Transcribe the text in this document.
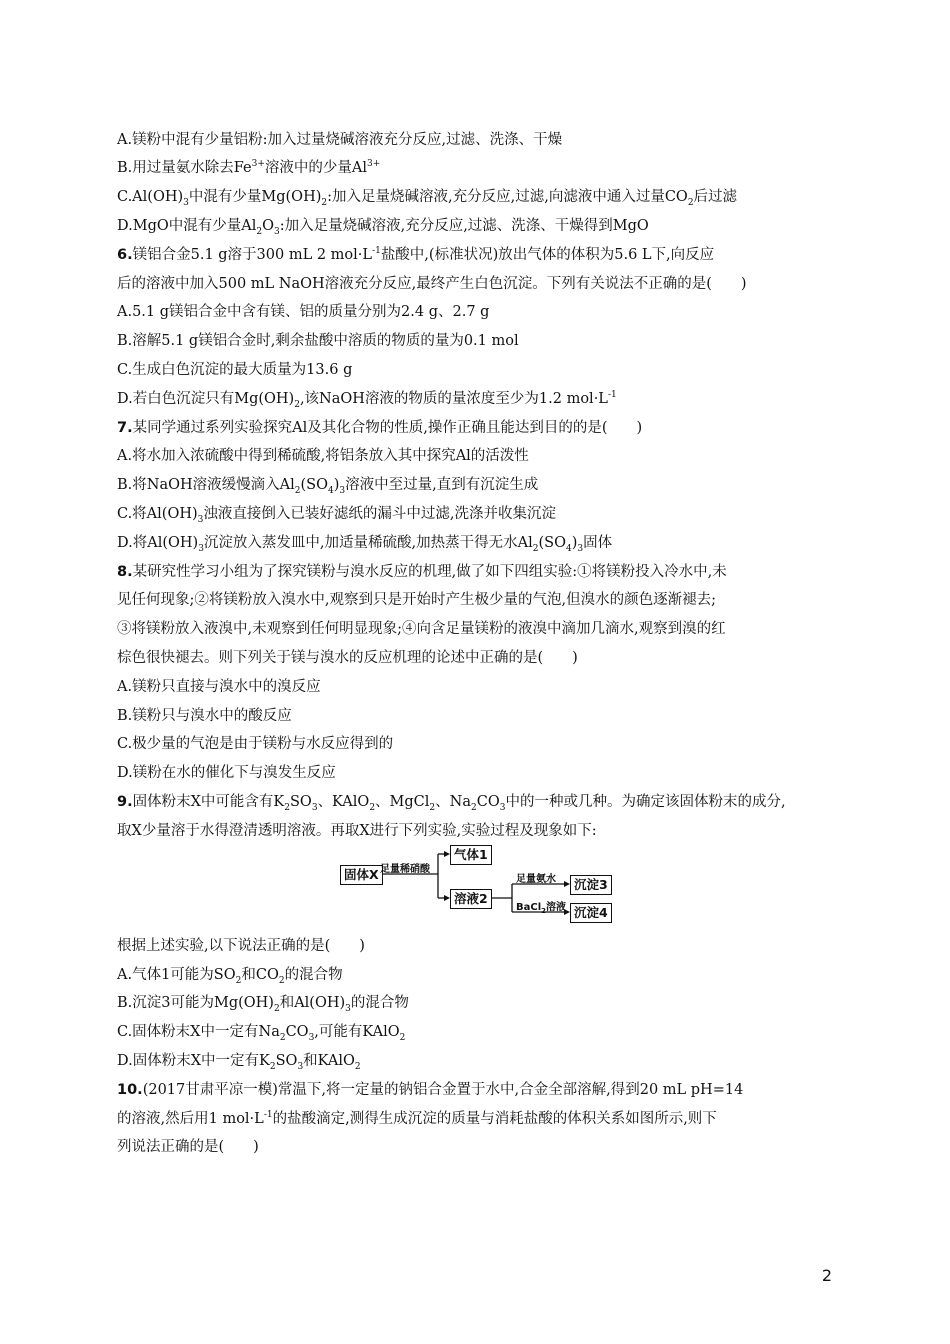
A.镁粉中混有少量铝粉:加入过量烧碱溶液充分反应,过滤、洗涤、干燥
B.用过量氨水除去$Fe^{3+}$溶液中的少量$Al^{3+}$
$C.Al(OH)_3$中混有少量$Mg(OH)_2$:加入足量烧碱溶液,充分反应,过滤,向滤液中通入过量$CO_2$后过滤
D.MgO中混有少量$Al_2O_3$:加入足量烧碱溶液,充分反应,过滤、洗涤、干燥得到MgO
6.镁铝合金5.1 g溶于300 mL 2 $mol\cdot L^{-1}$盐酸中,(标准状况)放出气体的体积为5.6 L下,向反应
后的溶液中加入500 mL NaOH溶液充分反应,最终产生白色沉淀。下列有关说法不正确的是(　　)
A.5.1 g镁铝合金中含有镁、铝的质量分别为2.4 g、2.7 g
B.溶解5.1 g镁铝合金时,剩余盐酸中溶质的物质的量为0.1 mol
C.生成白色沉淀的最大质量为13.6 g
D.若白色沉淀只有$Mg(OH)_2$,该NaOH溶液的物质的量浓度至少为1.2 $mol\cdot L^{-1}$
7.某同学通过系列实验探究Al及其化合物的性质,操作正确且能达到目的的是(　　)
A.将水加入浓硫酸中得到稀硫酸,将铝条放入其中探究Al的活泼性
B.将NaOH溶液缓慢滴入$Al_2(SO_4)_3$溶液中至过量,直到有沉淀生成
C.将$Al(OH)_3$浊液直接倒入已装好滤纸的漏斗中过滤,洗涤并收集沉淀
D.将$Al(OH)_3$沉淀放入蒸发皿中,加适量稀硫酸,加热蒸干得无水$Al_2(SO_4)_3$固体
8.某研究性学习小组为了探究镁粉与溴水反应的机理,做了如下四组实验:①将镁粉投入冷水中,未
见任何现象;②将镁粉放入溴水中,观察到只是开始时产生极少量的气泡,但溴水的颜色逐渐褪去;
③将镁粉放入液溴中,未观察到任何明显现象;④向含足量镁粉的液溴中滴加几滴水,观察到溴的红
棕色很快褪去。则下列关于镁与溴水的反应机理的论述中正确的是(　　)
A.镁粉只直接与溴水中的溴反应
B.镁粉只与溴水中的酸反应
C.极少量的气泡是由于镁粉与水反应得到的
D.镁粉在水的催化下与溴发生反应
9.固体粉末X中可能含有$K_2SO_3$、KAlO$_2$、MgCl$_2$、$Na_2CO_3$中的一种或几种。为确定该固体粉末的成分,
取X少量溶于水得澄清透明溶液。再取X进行下列实验,实验过程及现象如下:
固体X 足量稀硝酸
气体1
溶液2
足量氨水
BaCl$_2$溶液
沉淀3
沉淀4
根据上述实验,以下说法正确的是(　　)
A.气体1可能为$SO_2$和$CO_2$的混合物
B.沉淀3可能为$Mg(OH)_2$和$Al(OH)_3$的混合物
C.固体粉末X中一定有$Na_2CO_3$,可能有KAlO$_2$
D.固体粉末X中一定有$K_2SO_3$和KAlO$_2$
10.(2017甘肃平凉一模)常温下,将一定量的钠铝合金置于水中,合金全部溶解,得到20 mL pH=14
的溶液,然后用1 $mol\cdot L^{-1}$的盐酸滴定,测得生成沉淀的质量与消耗盐酸的体积关系如图所示,则下
列说法正确的是(　　)
2
